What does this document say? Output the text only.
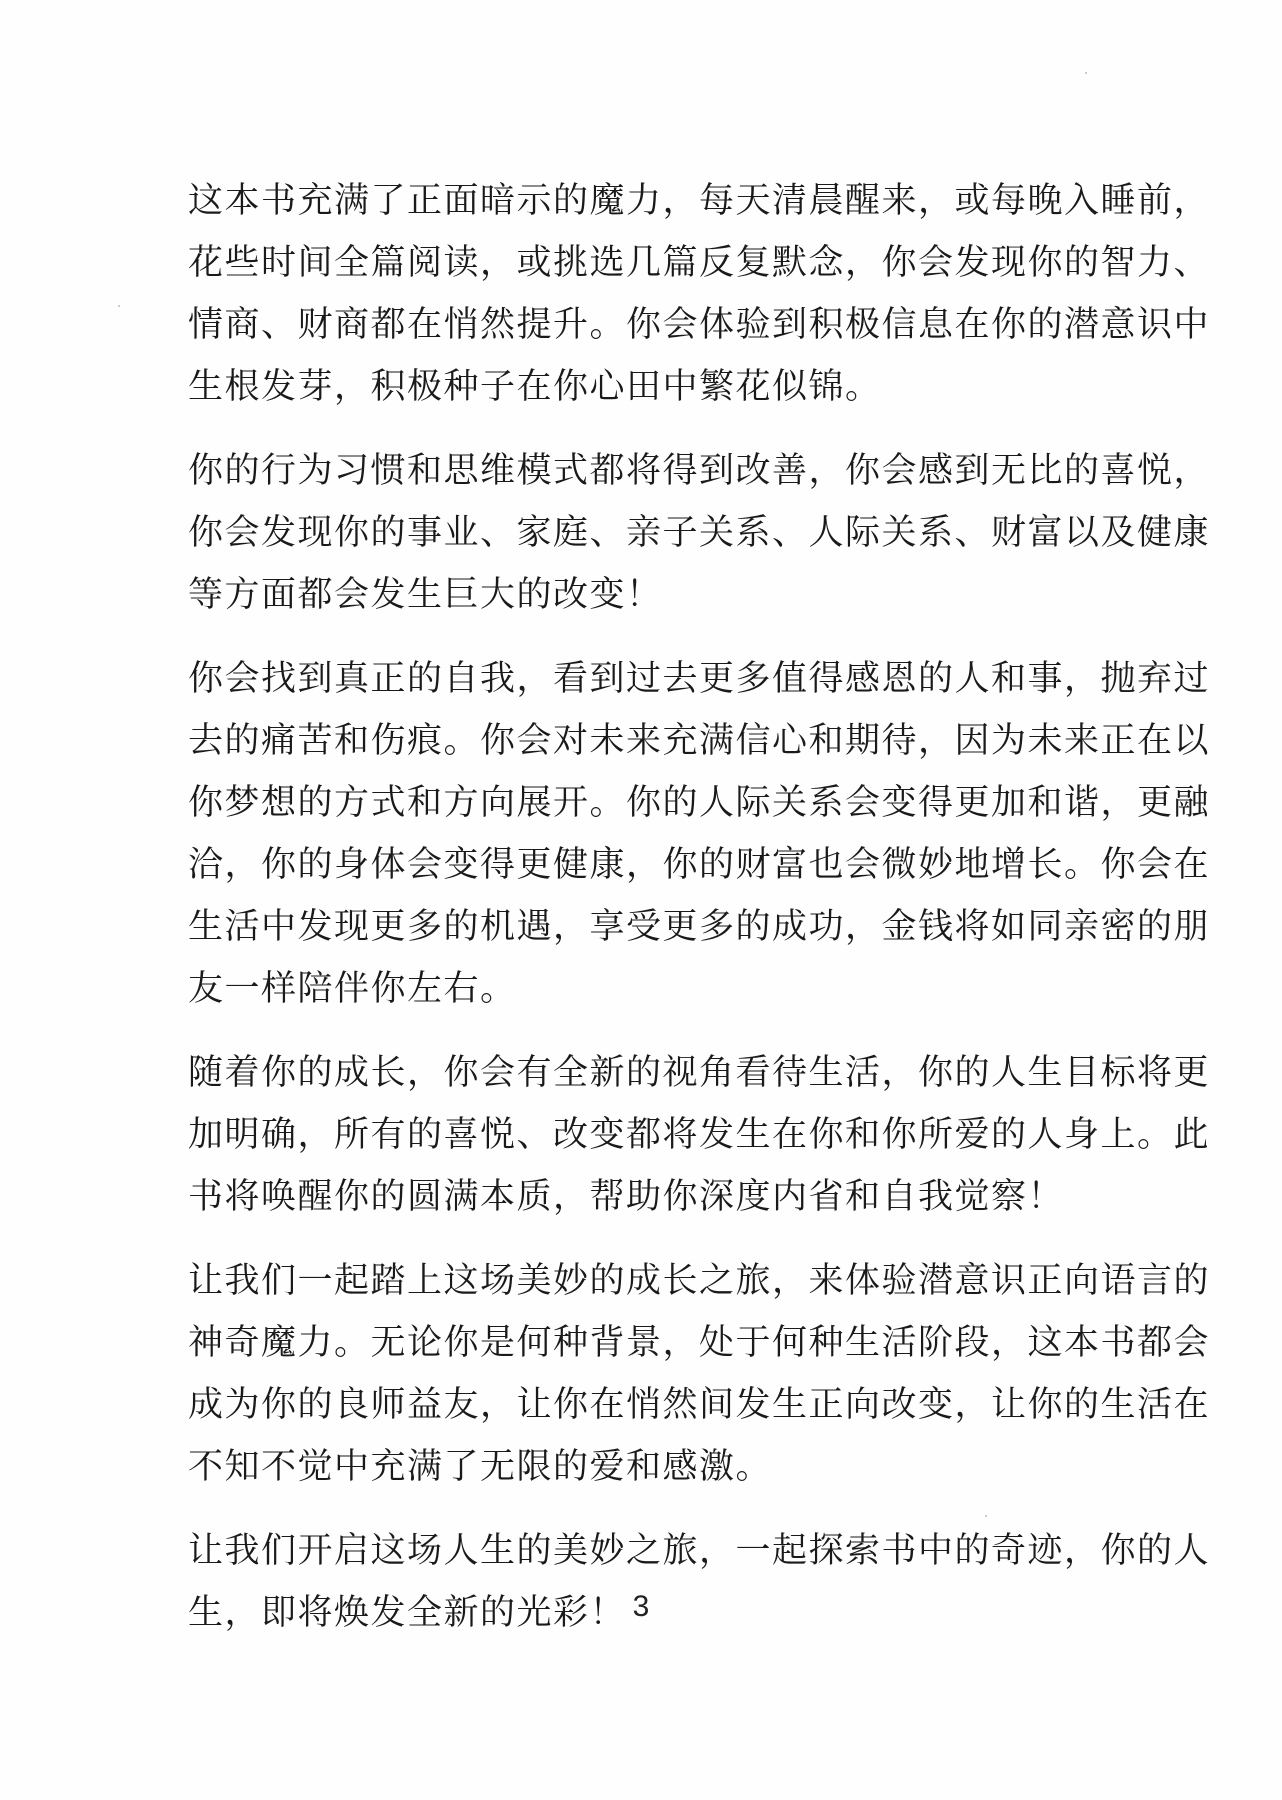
这本书充满了正面暗示的魔力，每天清晨醒来，或每晚入睡前，
花些时间全篇阅读，或挑选几篇反复默念，你会发现你的智力、
情商、财商都在悄然提升。你会体验到积极信息在你的潜意识中
生根发芽，积极种子在你心田中繁花似锦。
你的行为习惯和思维模式都将得到改善，你会感到无比的喜悦，
你会发现你的事业、家庭、亲子关系、人际关系、财富以及健康
等方面都会发生巨大的改变！
你会找到真正的自我，看到过去更多值得感恩的人和事，抛弃过
去的痛苦和伤痕。你会对未来充满信心和期待，因为未来正在以
你梦想的方式和方向展开。你的人际关系会变得更加和谐，更融
洽，你的身体会变得更健康，你的财富也会微妙地增长。你会在
生活中发现更多的机遇，享受更多的成功，金钱将如同亲密的朋
友一样陪伴你左右。
随着你的成长，你会有全新的视角看待生活，你的人生目标将更
加明确，所有的喜悦、改变都将发生在你和你所爱的人身上。此
书将唤醒你的圆满本质，帮助你深度内省和自我觉察！
让我们一起踏上这场美妙的成长之旅，来体验潜意识正向语言的
神奇魔力。无论你是何种背景，处于何种生活阶段，这本书都会
成为你的良师益友，让你在悄然间发生正向改变，让你的生活在
不知不觉中充满了无限的爱和感激。
让我们开启这场人生的美妙之旅，一起探索书中的奇迹，你的人
生，即将焕发全新的光彩！ 3
